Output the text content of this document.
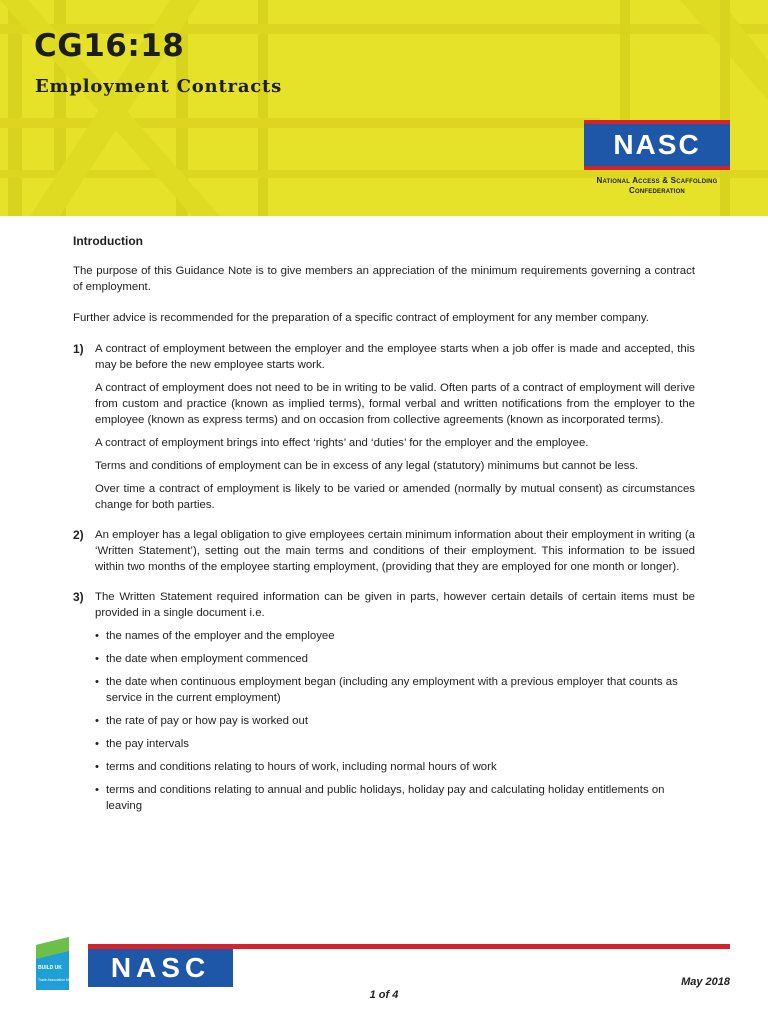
CG16:18
Employment Contracts
NASC
National Access & Scaffolding
Confederation

Introduction

The purpose of this Guidance Note is to give members an appreciation of the minimum requirements governing a contract of employment.

Further advice is recommended for the preparation of a specific contract of employment for any member company.

1) A contract of employment between the employer and the employee starts when a job offer is made and accepted, this may be before the new employee starts work.

A contract of employment does not need to be in writing to be valid. Often parts of a contract of employment will derive from custom and practice (known as implied terms), formal verbal and written notifications from the employer to the employee (known as express terms) and on occasion from collective agreements (known as incorporated terms).

A contract of employment brings into effect ‘rights’ and ‘duties’ for the employer and the employee.

Terms and conditions of employment can be in excess of any legal (statutory) minimums but cannot be less.

Over time a contract of employment is likely to be varied or amended (normally by mutual consent) as circumstances change for both parties.

2) An employer has a legal obligation to give employees certain minimum information about their employment in writing (a ‘Written Statement’), setting out the main terms and conditions of their employment. This information to be issued within two months of the employee starting employment, (providing that they are employed for one month or longer).

3) The Written Statement required information can be given in parts, however certain details of certain items must be provided in a single document i.e.

• the names of the employer and the employee
• the date when employment commenced
• the date when continuous employment began (including any employment with a previous employer that counts as service in the current employment)
• the rate of pay or how pay is worked out
• the pay intervals
• terms and conditions relating to hours of work, including normal hours of work
• terms and conditions relating to annual and public holidays, holiday pay and calculating holiday entitlements on leaving
BUILD UK
Trade Association Member	NASC	May 2018
1 of 4
